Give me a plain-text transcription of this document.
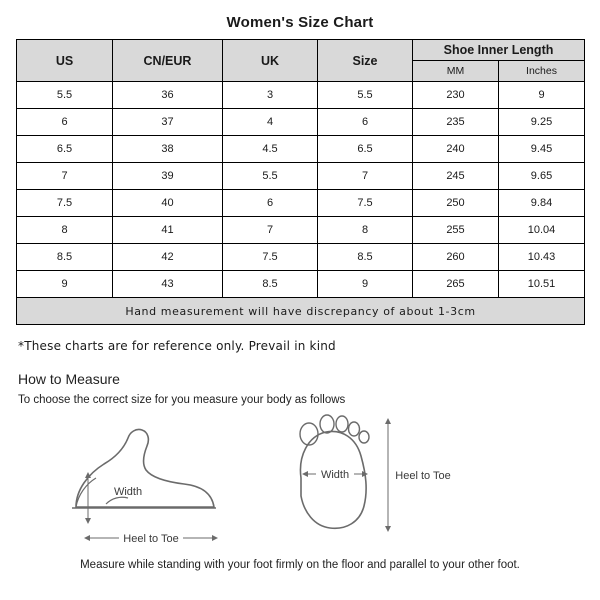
Women's Size Chart
US	CN/EUR	UK	Size	Shoe Inner Length	
				MM	Inches
5.5	36	3	5.5	230	9
6	37	4	6	235	9.25
6.5	38	4.5	6.5	240	9.45
7	39	5.5	7	245	9.65
7.5	40	6	7.5	250	9.84
8	41	7	8	255	10.04
8.5	42	7.5	8.5	260	10.43
9	43	8.5	9	265	10.51
Hand measurement will have discrepancy of about 1-3cm					
*These charts are for reference only. Prevail in kind
How to Measure
To choose the correct size for you measure your body as follows
Width
Heel to Toe
Width	Heel to Toe
Measure while standing with your foot firmly on the floor and parallel to your other foot.
